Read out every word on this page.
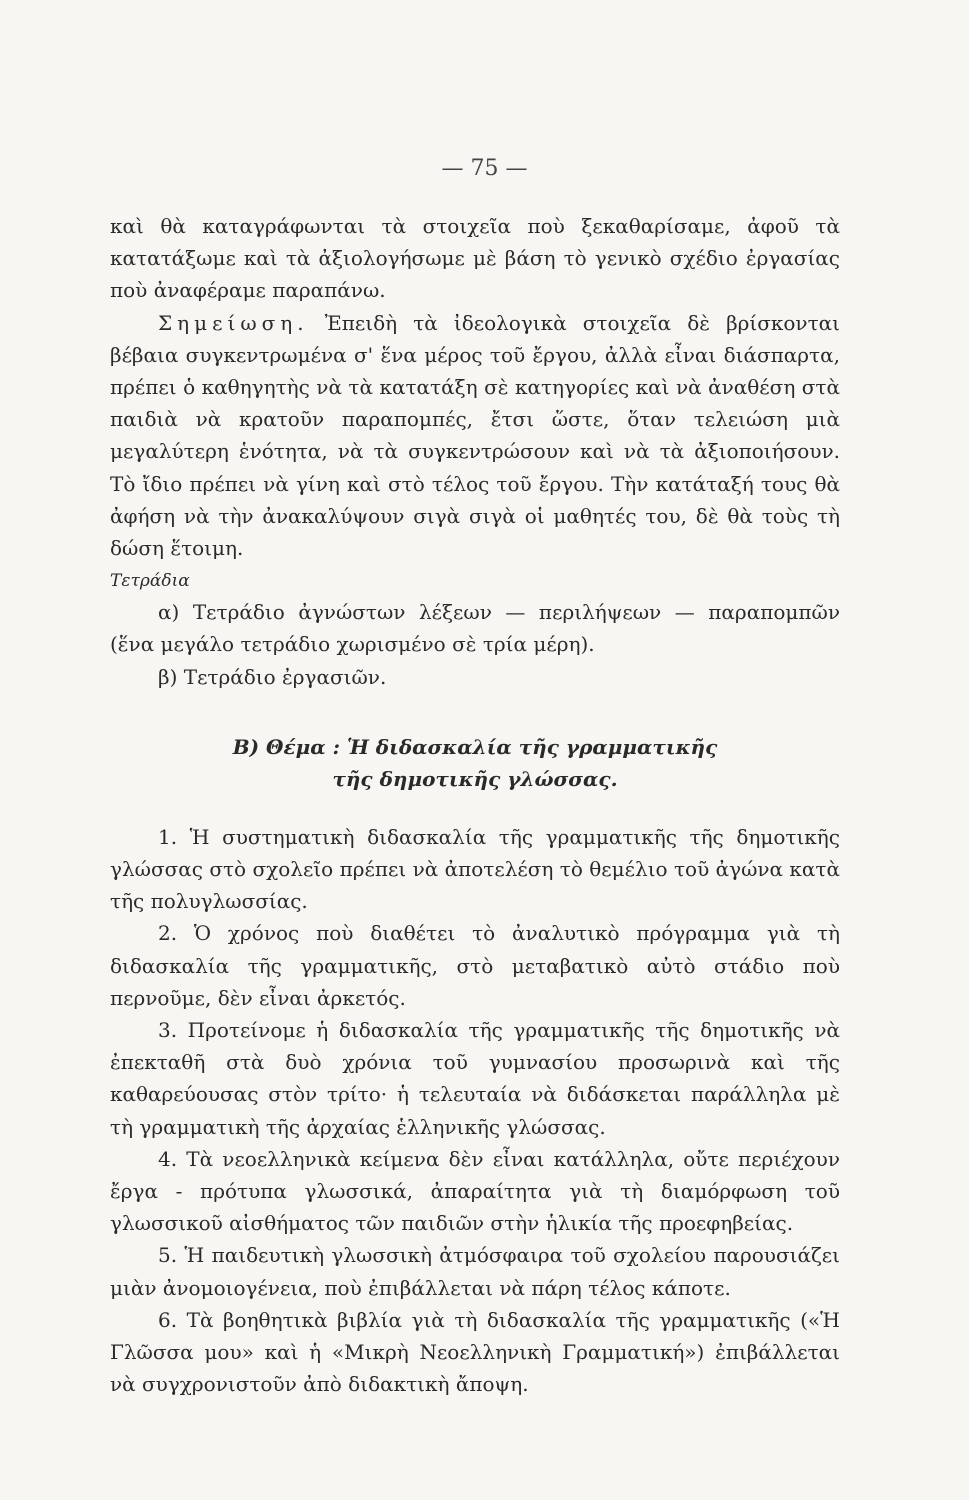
— 75 —

καὶ θὰ καταγράφωνται τὰ στοιχεῖα ποὺ ξεκαθαρίσαμε, ἀφοῦ τὰ κατατάξωμε καὶ τὰ ἀξιολογήσωμε μὲ βάση τὸ γενικὸ σχέδιο ἐργασίας ποὺ ἀναφέραμε παραπάνω.

Σημείωση. Ἐπειδὴ τὰ ἰδεολογικὰ στοιχεῖα δὲ βρίσκονται βέβαια συγκεντρωμένα σ' ἕνα μέρος τοῦ ἔργου, ἀλλὰ εἶναι διάσπαρτα, πρέπει ὁ καθηγητὴς νὰ τὰ κατατάξη σὲ κατηγορίες καὶ νὰ ἀναθέση στὰ παιδιὰ νὰ κρατοῦν παραπομπές, ἔτσι ὥστε, ὅταν τελειώση μιὰ μεγαλύτερη ἑνότητα, νὰ τὰ συγκεντρώσουν καὶ νὰ τὰ ἀξιοποιήσουν. Τὸ ἴδιο πρέπει νὰ γίνη καὶ στὸ τέλος τοῦ ἔργου. Τὴν κατάταξή τους θὰ ἀφήση νὰ τὴν ἀνακαλύψουν σιγὰ σιγὰ οἱ μαθητές του, δὲ θὰ τοὺς τὴ δώση ἕτοιμη.

Τετράδια

α) Τετράδιο ἀγνώστων λέξεων — περιλήψεων — παραπομπῶν (ἕνα μεγάλο τετράδιο χωρισμένο σὲ τρία μέρη).

β) Τετράδιο ἐργασιῶν.

Β) Θέμα : Ἡ διδασκαλία τῆς γραμματικῆς
τῆς δημοτικῆς γλώσσας.

1. Ἡ συστηματικὴ διδασκαλία τῆς γραμματικῆς τῆς δημοτικῆς γλώσσας στὸ σχολεῖο πρέπει νὰ ἀποτελέση τὸ θεμέλιο τοῦ ἀγώνα κατὰ τῆς πολυγλωσσίας.

2. Ὁ χρόνος ποὺ διαθέτει τὸ ἀναλυτικὸ πρόγραμμα γιὰ τὴ διδασκαλία τῆς γραμματικῆς, στὸ μεταβατικὸ αὐτὸ στάδιο ποὺ περνοῦμε, δὲν εἶναι ἀρκετός.

3. Προτείνομε ἡ διδασκαλία τῆς γραμματικῆς τῆς δημοτικῆς νὰ ἐπεκταθῆ στὰ δυὸ χρόνια τοῦ γυμνασίου προσωρινὰ καὶ τῆς καθαρεύουσας στὸν τρίτο· ἡ τελευταία νὰ διδάσκεται παράλληλα μὲ τὴ γραμματικὴ τῆς ἀρχαίας ἑλληνικῆς γλώσσας.

4. Τὰ νεοελληνικὰ κείμενα δὲν εἶναι κατάλληλα, οὔτε περιέχουν ἔργα - πρότυπα γλωσσικά, ἀπαραίτητα γιὰ τὴ διαμόρφωση τοῦ γλωσσικοῦ αἰσθήματος τῶν παιδιῶν στὴν ἡλικία τῆς προεφηβείας.

5. Ἡ παιδευτικὴ γλωσσικὴ ἀτμόσφαιρα τοῦ σχολείου παρουσιάζει μιὰν ἀνομοιογένεια, ποὺ ἐπιβάλλεται νὰ πάρη τέλος κάποτε.

6. Τὰ βοηθητικὰ βιβλία γιὰ τὴ διδασκαλία τῆς γραμματικῆς («Ἡ Γλῶσσα μου» καὶ ἡ «Μικρὴ Νεοελληνικὴ Γραμματική») ἐπιβάλλεται νὰ συγχρονιστοῦν ἀπὸ διδακτικὴ ἄποψη.
